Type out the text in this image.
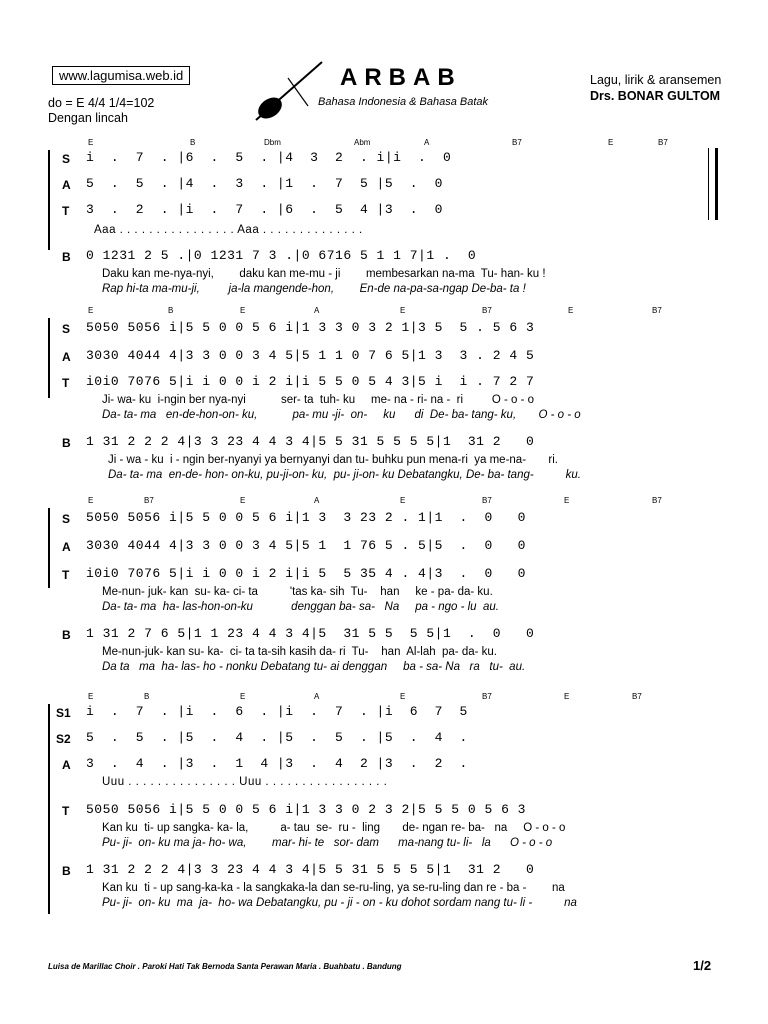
www.lagumisa.web.id
do = E 4/4 1/4=102
Dengan lincah
ARBAB
Bahasa Indonesia & Bahasa Batak
Lagu, lirik & aransemen
Drs. BONAR GULTOM
E	B	Dbm	Abm	A	B7	E	B7
S i  .  7  . |6  .  5  . |4  3  2  . i|i  .  0
A 5  .  5  . |4  .  3  . |1  .  7  5 |5  .  0
T 3  .  2  . |i  .  7  . |6  .  5  4 |3  .  0
Aaa . . . . . . . . . . . . . . . . Aaa . . . . . . . . . . . . . .
B 0 1231 2 5 .|0 1231 7 3 .|0 6716 5 1 1 7|1 .  0
Daku kan me-nya-nyi,        daku kan me-mu - ji        membesarkan na-ma  Tu- han- ku !
Rap hi-ta ma-mu-ji,         ja-la mangende-hon,        En-de na-pa-sa-ngap De-ba- ta !
E	B	E	A	E	B7	E	B7
S 5050 5056 i|5 5 0 0 5 6 i|1 3 3 0 3 2 1|3 5  5 . 5 6 3
A 3030 4044 4|3 3 0 0 3 4 5|5 1 1 0 7 6 5|1 3  3 . 2 4 5
T i0i0 7076 5|i i 0 0 i 2 i|i 5 5 0 5 4 3|5 i  i . 7 2 7
Ji- wa- ku  i-ngin ber nya-nyi           ser- ta  tuh- ku     me- na - ri- na -  ri         O - o - o
Da- ta- ma   en-de-hon-on- ku,           pa- mu -ji-  on-     ku      di  De- ba- tang- ku,       O - o - o
B 1 31 2 2 2 4|3 3 23 4 4 3 4|5 5 31 5 5 5 5|1  31 2   0
Ji - wa - ku  i - ngin ber-nyanyi ya bernyanyi dan tu- buhku pun mena-ri  ya me-na-       ri.
Da- ta- ma  en-de- hon- on-ku, pu-ji-on- ku,  pu- ji-on- ku Debatangku, De- ba- tang-          ku.
E	B7	E	A	E	B7	E	B7
S 5050 5056 i|5 5 0 0 5 6 i|1 3  3 23 2 . 1|1  .  0   0
A 3030 4044 4|3 3 0 0 3 4 5|5 1  1 76 5 . 5|5  .  0   0
T i0i0 7076 5|i i 0 0 i 2 i|i 5  5 35 4 . 4|3  .  0   0
Me-nun- juk- kan  su- ka- ci- ta          'tas ka- sih  Tu-    han     ke - pa- da- ku.
Da- ta- ma  ha- las-hon-on-ku            denggan ba- sa-   Na     pa - ngo - lu  au.
B 1 31 2 7 6 5|1 1 23 4 4 3 4|5  31 5 5  5 5|1  .  0   0
Me-nun-juk- kan su- ka-  ci- ta ta-sih kasih da- ri  Tu-    han  Al-lah  pa- da- ku.
Da ta   ma  ha- las- ho - nonku Debatang tu- ai denggan     ba - sa- Na   ra   tu-  au.
E	B	E	A	E	B7	E	B7
S1 i  .  7  . |i  .  6  . |i  .  7  . |i  6  7  5
S2 5  .  5  . |5  .  4  . |5  .  5  . |5  .  4  .
A 3  .  4  . |3  .  1  4 |3  .  4  2 |3  .  2  .
Uuu . . . . . . . . . . . . . . . Uuu . . . . . . . . . . . . . . . . .
T 5050 5056 i|5 5 0 0 5 6 i|1 3 3 0 2 3 2|5 5 5 0 5 6 3
Kan ku  ti- up sangka- ka- la,          a- tau  se-  ru -  ling       de- ngan re- ba-   na     O - o - o
Pu- ji-  on- ku ma ja- ho- wa,        mar- hi- te   sor- dam      ma-nang tu- li-   la      O - o - o
B 1 31 2 2 2 4|3 3 23 4 4 3 4|5 5 31 5 5 5 5|1  31 2   0
Kan ku  ti - up sang-ka-ka - la sangkaka-la dan se-ru-ling, ya se-ru-ling dan re - ba -        na
Pu- ji-  on- ku  ma  ja-  ho- wa Debatangku, pu - ji - on - ku dohot sordam nang tu- li -          na
Luisa de Marillac Choir . Paroki Hati Tak Bernoda Santa Perawan Maria . Buahbatu . Bandung	1/2
